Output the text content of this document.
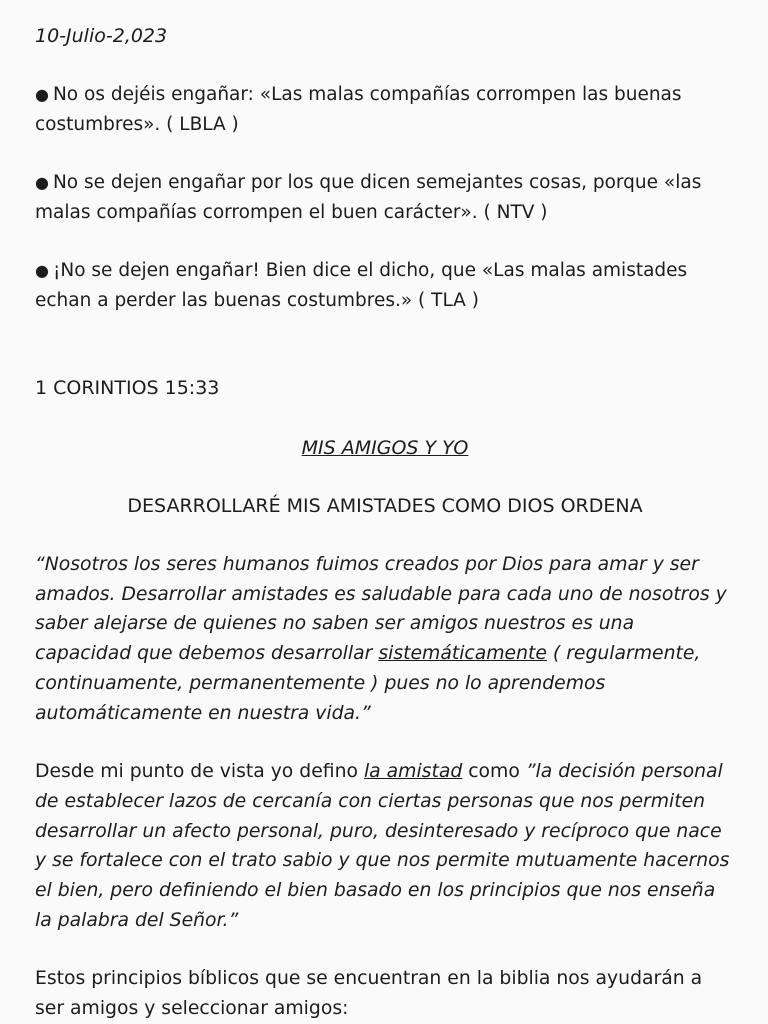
10-Julio-2,023
● No os dejéis engañar: «Las malas compañías corrompen las buenas costumbres». ( LBLA )
● No se dejen engañar por los que dicen semejantes cosas, porque «las malas compañías corrompen el buen carácter». ( NTV )
● ¡No se dejen engañar! Bien dice el dicho, que «Las malas amistades echan a perder las buenas costumbres.» ( TLA )
1 CORINTIOS 15:33
MIS AMIGOS Y YO
DESARROLLARÉ MIS AMISTADES COMO DIOS ORDENA
“Nosotros los seres humanos fuimos creados por Dios para amar y ser amados. Desarrollar amistades es saludable para cada uno de nosotros y saber alejarse de quienes no saben ser amigos nuestros es una capacidad que debemos desarrollar sistemáticamente ( regularmente, continuamente, permanentemente ) pues no lo aprendemos automáticamente en nuestra vida.”
Desde mi punto de vista yo defino la amistad como ”la decisión personal de establecer lazos de cercanía con ciertas personas que nos permiten desarrollar un afecto personal, puro, desinteresado y recíproco que nace y se fortalece con el trato sabio y que nos permite mutuamente hacernos el bien, pero definiendo el bien basado en los principios que nos enseña la palabra del Señor.”
Estos principios bíblicos que se encuentran en la biblia nos ayudarán a ser amigos y seleccionar amigos:
